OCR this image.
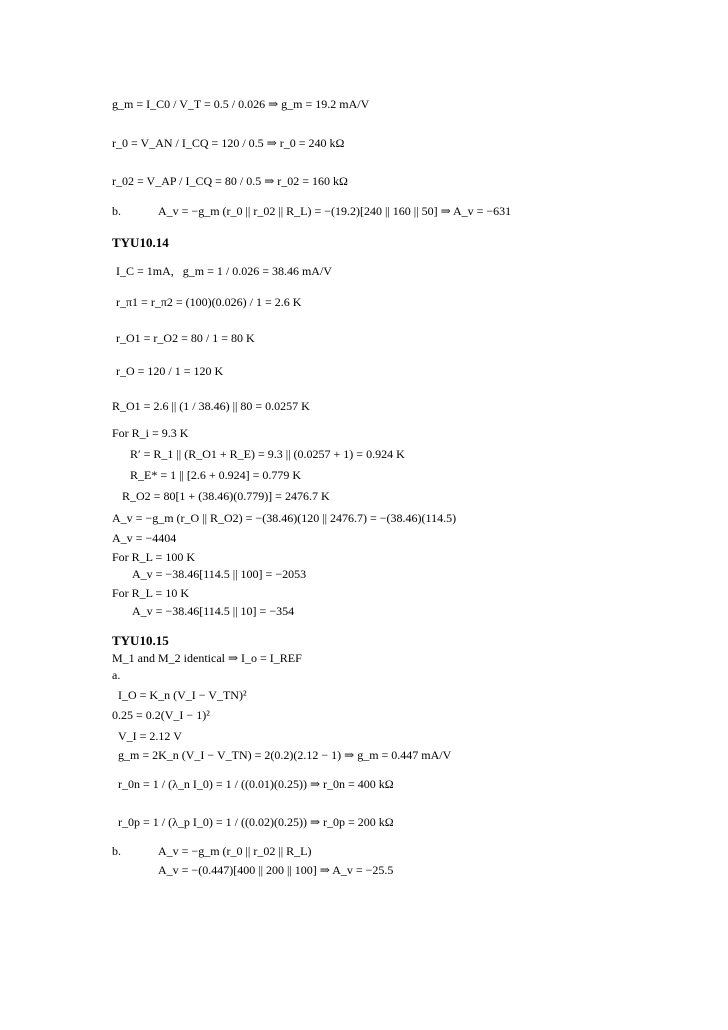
g_m = I_C0 / V_T = 0.5 / 0.026 ⇒ g_m = 19.2 mA/V
r_0 = V_AN / I_CQ = 120 / 0.5 ⇒ r_0 = 240 kΩ
r_02 = V_AP / I_CQ = 80 / 0.5 ⇒ r_02 = 160 kΩ
b.	A_v = −g_m (r_0 || r_02 || R_L) = −(19.2)[240 || 160 || 50] ⇒ A_v = −631
TYU10.14
I_C = 1mA,   g_m = 1 / 0.026 = 38.46 mA/V
r_π1 = r_π2 = (100)(0.026) / 1 = 2.6 K
r_O1 = r_O2 = 80 / 1 = 80 K
r_O = 120 / 1 = 120 K
R_O1 = 2.6 || (1 / 38.46) || 80 = 0.0257 K
For R_i = 9.3 K
R′ = R_1 || (R_O1 + R_E) = 9.3 || (0.0257 + 1) = 0.924 K
R_E* = 1 || [2.6 + 0.924] = 0.779 K
R_O2 = 80[1 + (38.46)(0.779)] = 2476.7 K
A_v = −g_m (r_O || R_O2) = −(38.46)(120 || 2476.7) = −(38.46)(114.5)
A_v = −4404
For R_L = 100 K
A_v = −38.46[114.5 || 100] = −2053
For R_L = 10 K
A_v = −38.46[114.5 || 10] = −354
TYU10.15
M_1 and M_2 identical ⇒ I_o = I_REF
a.
I_O = K_n (V_I − V_TN)²
0.25 = 0.2(V_I − 1)²
V_I = 2.12 V
g_m = 2K_n (V_I − V_TN) = 2(0.2)(2.12 − 1) ⇒ g_m = 0.447 mA/V
r_0n = 1 / (λ_n I_0) = 1 / ((0.01)(0.25)) ⇒ r_0n = 400 kΩ
r_0p = 1 / (λ_p I_0) = 1 / ((0.02)(0.25)) ⇒ r_0p = 200 kΩ
b.	A_v = −g_m (r_0 || r_02 || R_L)
A_v = −(0.447)[400 || 200 || 100] ⇒ A_v = −25.5
